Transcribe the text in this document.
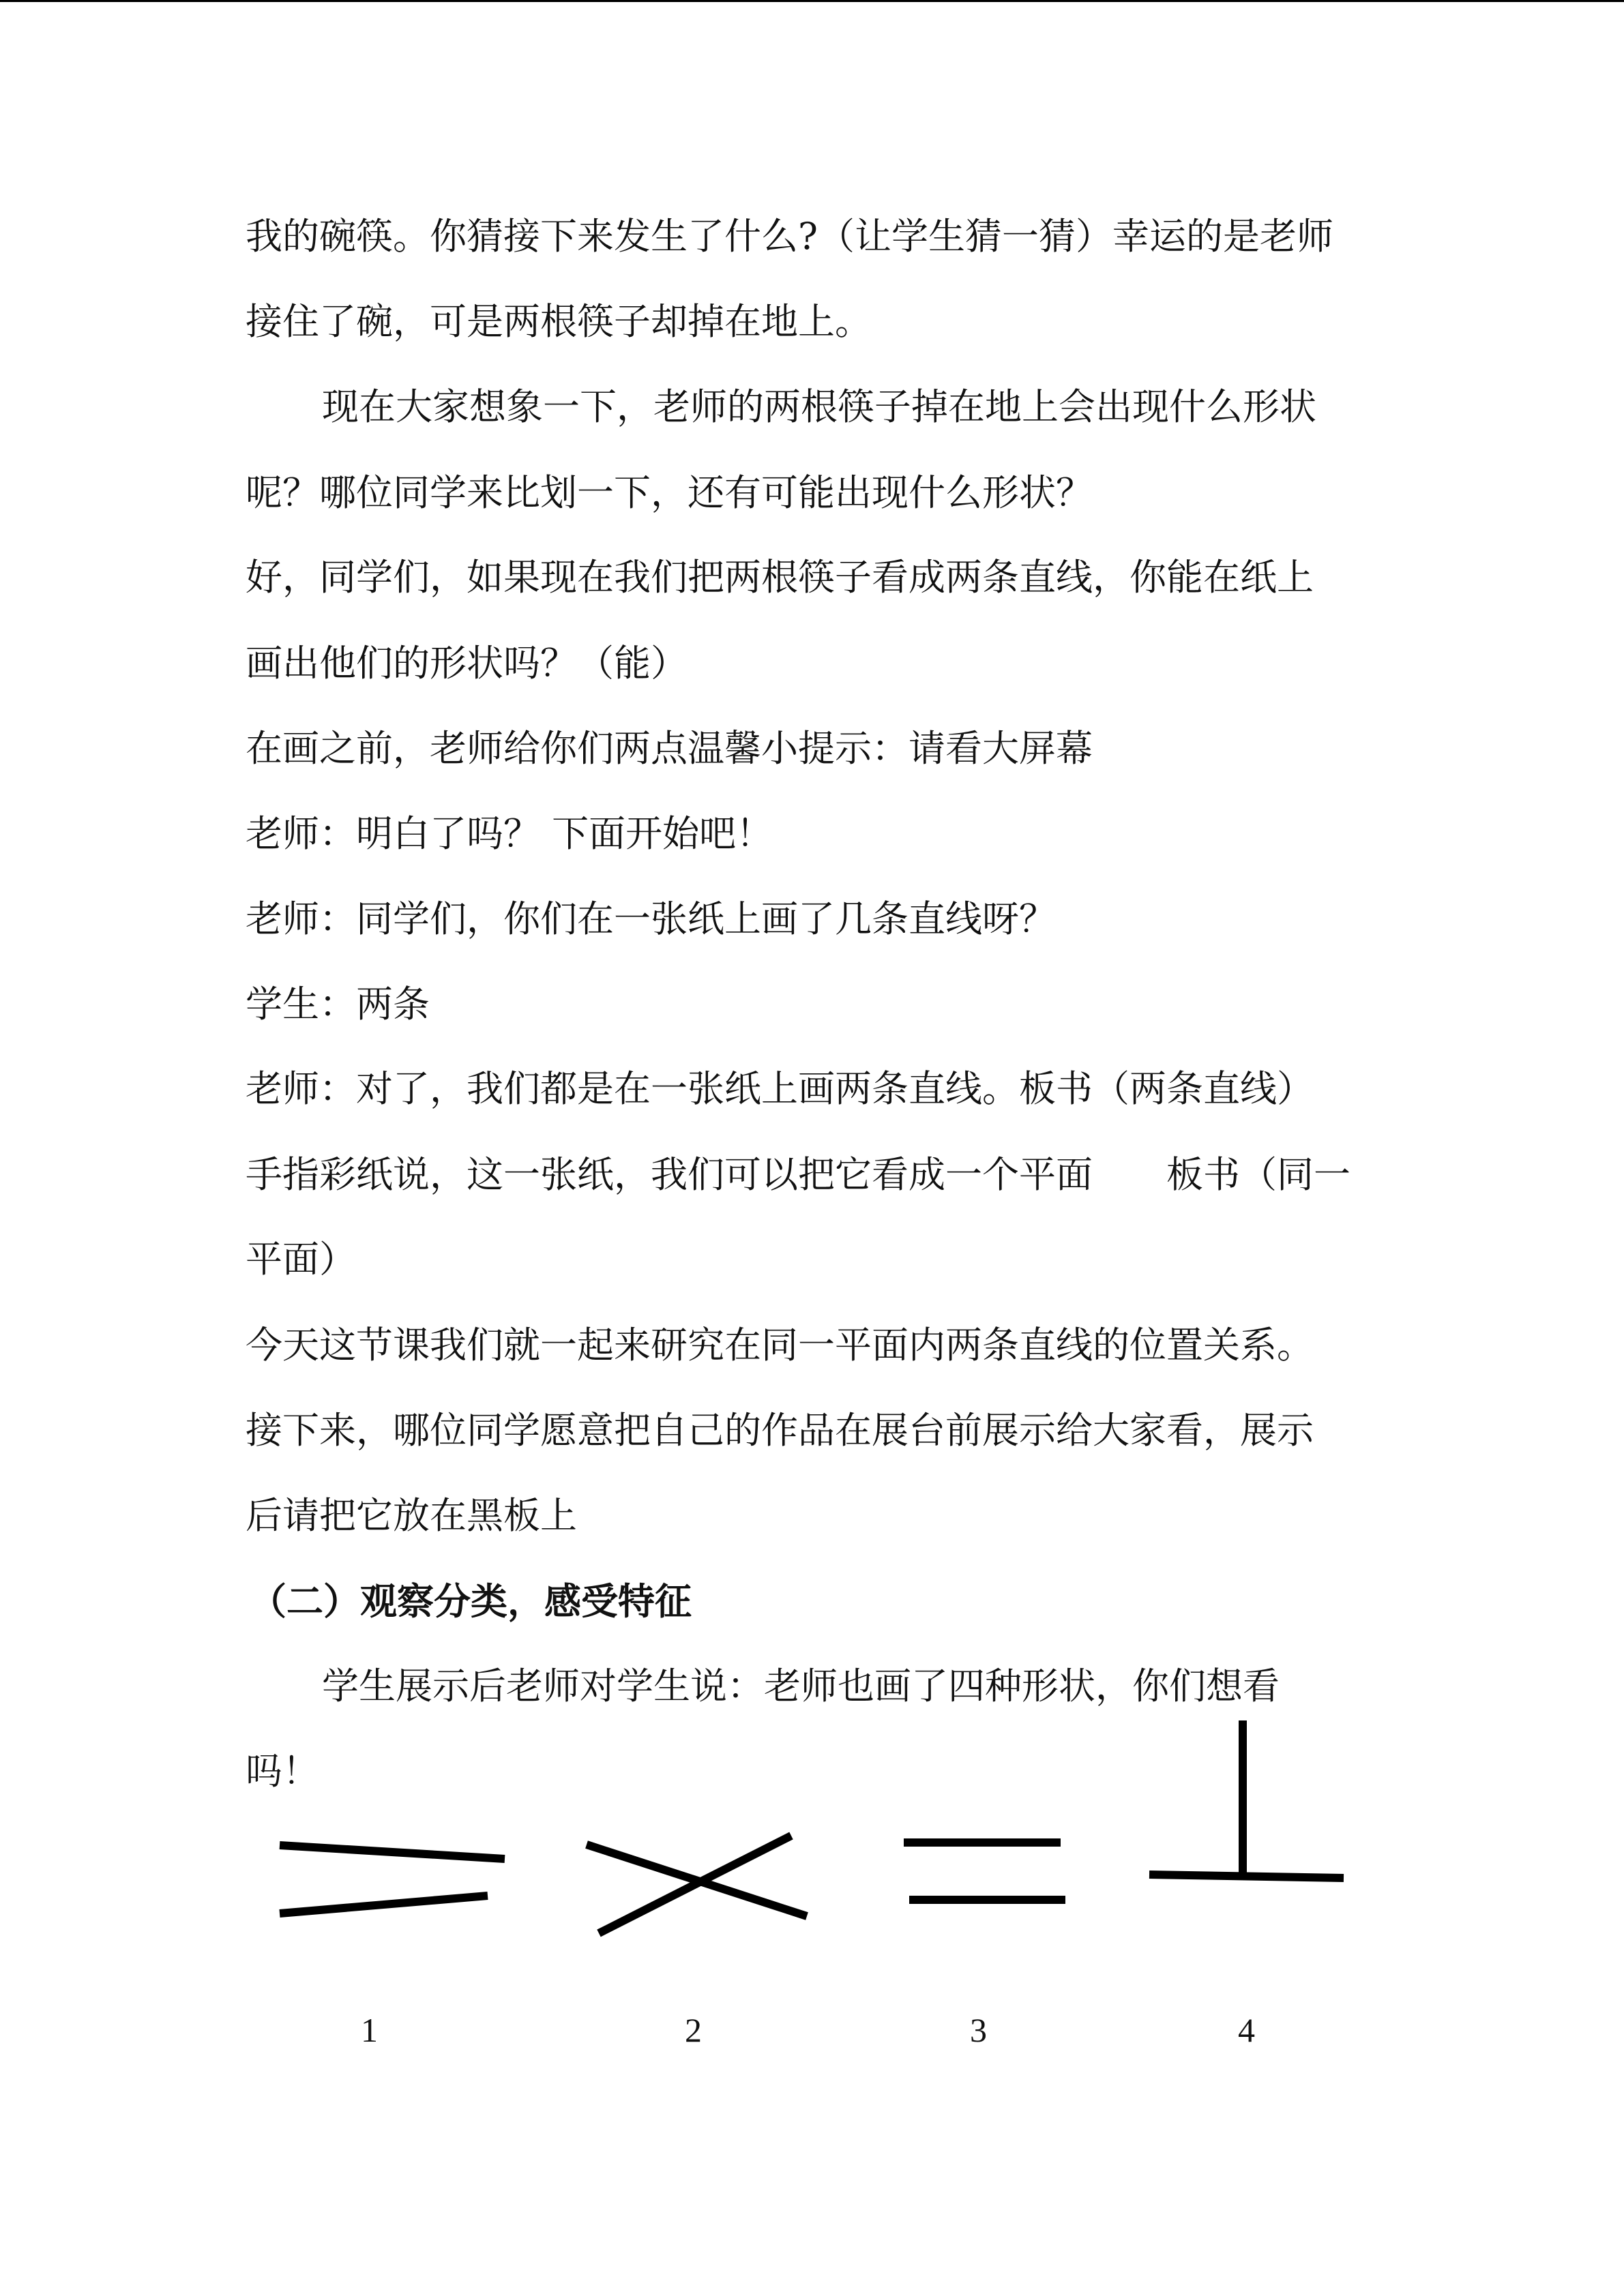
我的碗筷。你猜接下来发生了什么?（让学生猜一猜）幸运的是老师
接住了碗，可是两根筷子却掉在地上。
现在大家想象一下，老师的两根筷子掉在地上会出现什么形状
呢？哪位同学来比划一下，还有可能出现什么形状？
好，同学们，如果现在我们把两根筷子看成两条直线，你能在纸上
画出他们的形状吗？（能）
在画之前，老师给你们两点温馨小提示：请看大屏幕
老师：明白了吗？ 下面开始吧！
老师：同学们，你们在一张纸上画了几条直线呀？
学生：两条
老师：对了，我们都是在一张纸上画两条直线。板书（两条直线）
手指彩纸说，这一张纸，我们可以把它看成一个平面　　板书（同一
平面）
今天这节课我们就一起来研究在同一平面内两条直线的位置关系。
接下来，哪位同学愿意把自己的作品在展台前展示给大家看，展示
后请把它放在黑板上
（二）观察分类，感受特征
学生展示后老师对学生说：老师也画了四种形状，你们想看
吗！
1	2	3	4
